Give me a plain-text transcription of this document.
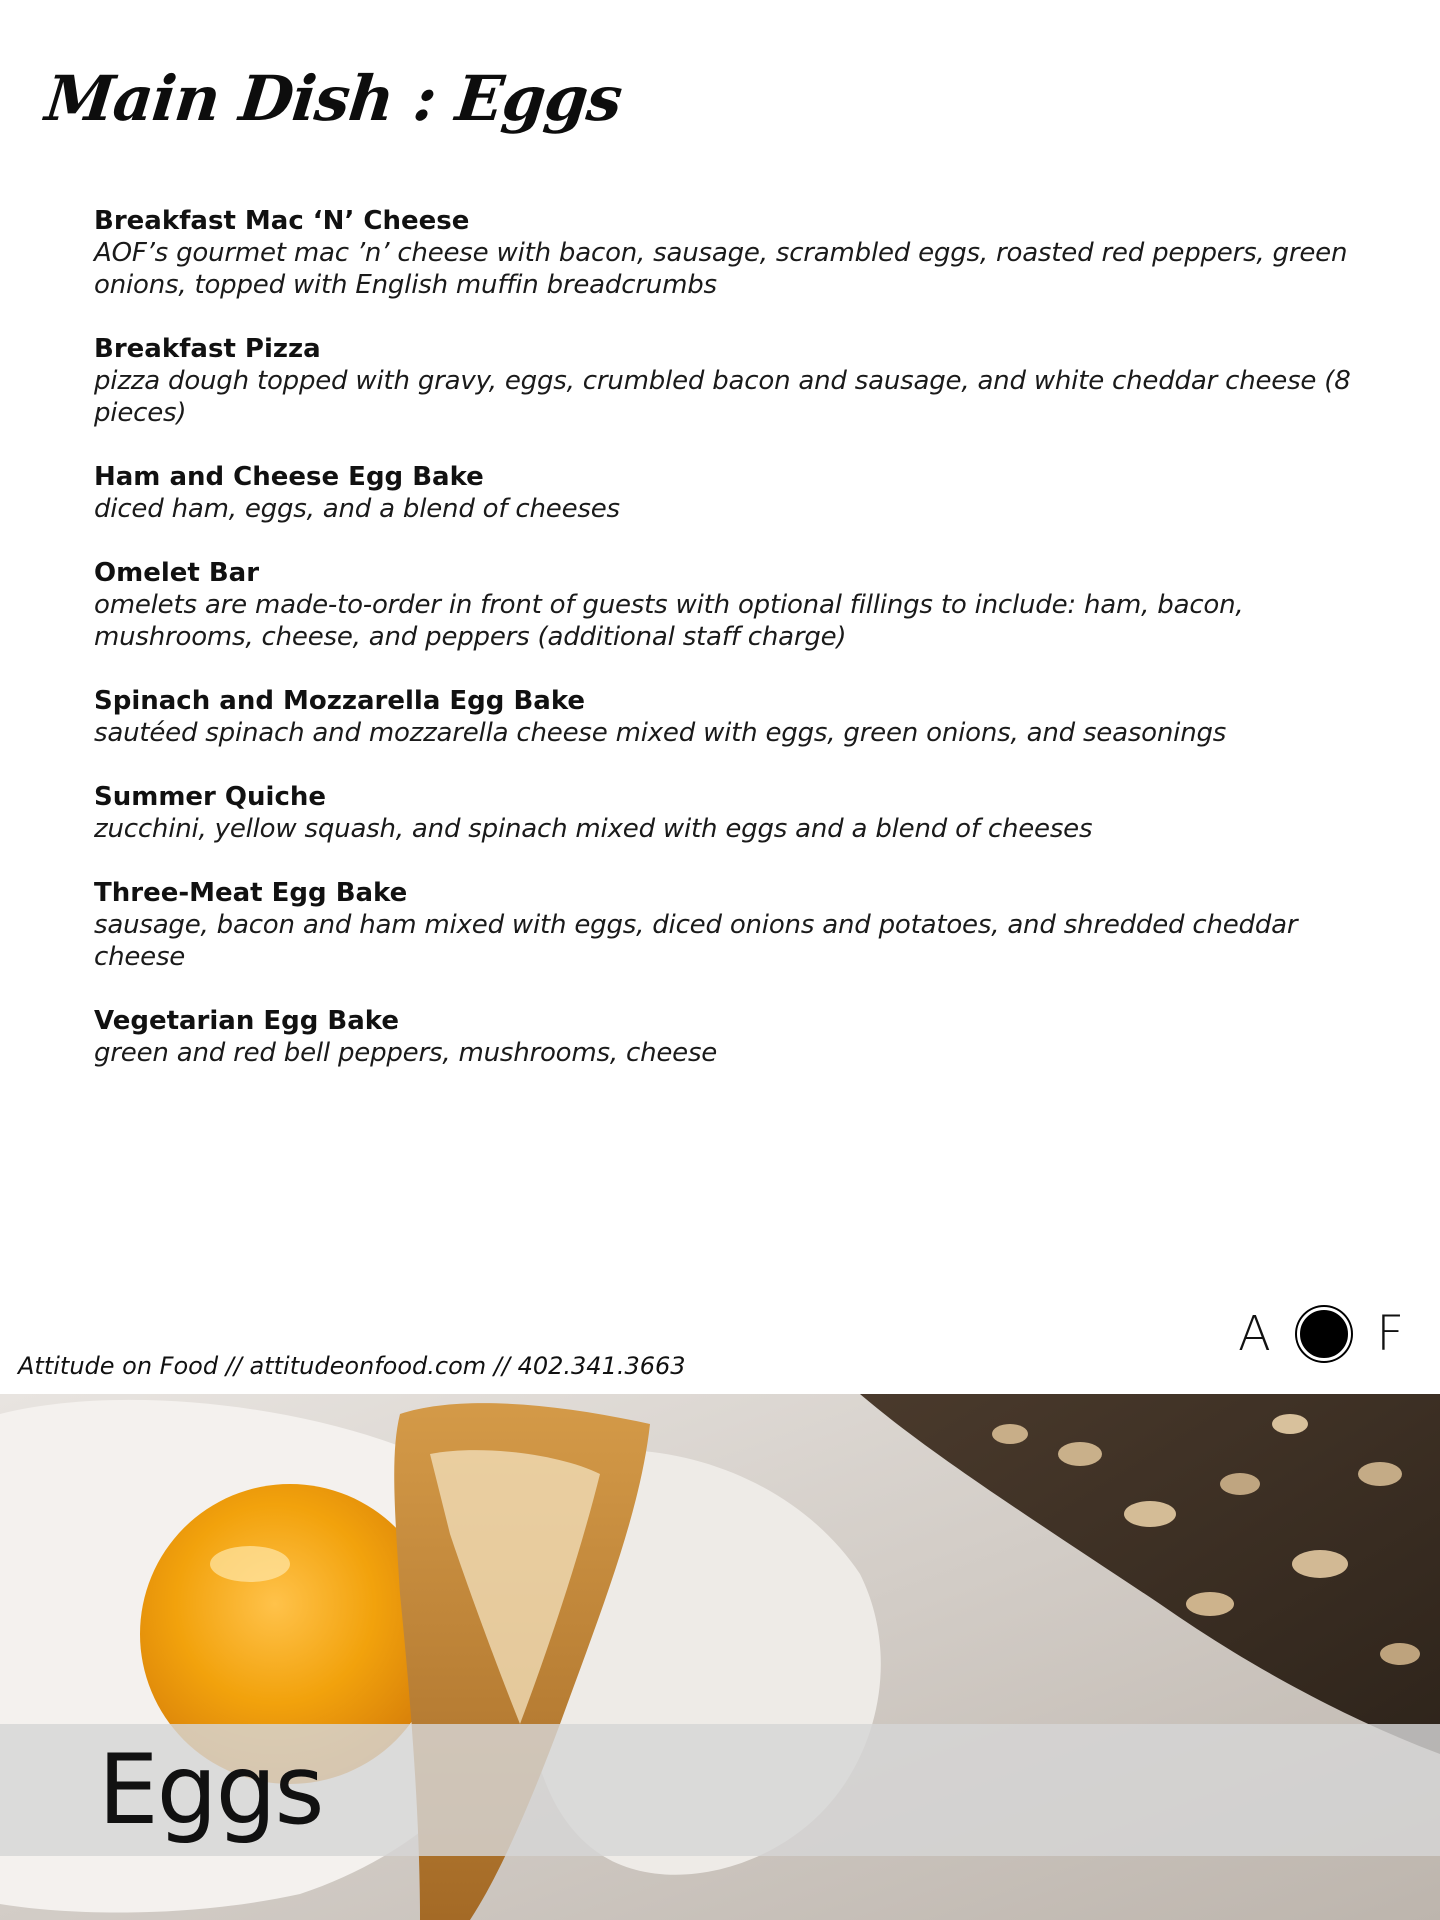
Main Dish : Eggs
Breakfast Mac ‘N’ Cheese
AOF’s gourmet mac ’n’ cheese with bacon, sausage, scrambled eggs, roasted red peppers, green onions, topped with English muffin breadcrumbs
Breakfast Pizza
pizza dough topped with gravy, eggs, crumbled bacon and sausage, and white cheddar cheese (8 pieces)
Ham and Cheese Egg Bake
diced ham, eggs, and a blend of cheeses
Omelet Bar
omelets are made-to-order in front of guests with optional fillings to include: ham, bacon, mushrooms, cheese, and peppers (additional staff charge)
Spinach and Mozzarella Egg Bake
sautéed spinach and mozzarella cheese mixed with eggs, green onions, and seasonings
Summer Quiche
zucchini, yellow squash, and spinach mixed with eggs and a blend of cheeses
Three-Meat Egg Bake
sausage, bacon and ham mixed with eggs, diced onions and potatoes, and shredded cheddar cheese
Vegetarian Egg Bake
green and red bell peppers, mushrooms, cheese
Attitude on Food // attitudeonfood.com // 402.341.3663
A F
Eggs
